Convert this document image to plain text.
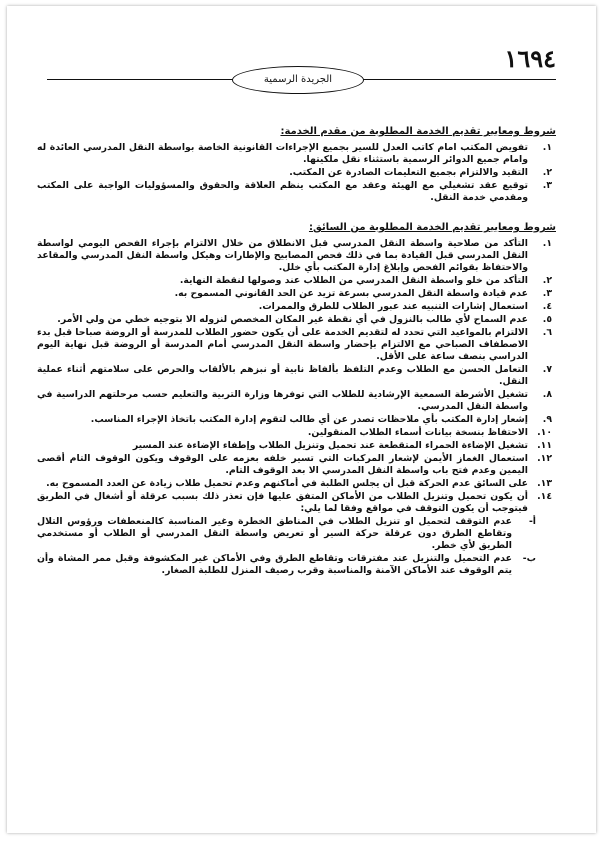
١٦٩٤
الجريدة الرسمية
شروط ومعايير تقديم الخدمة المطلوبة من مقدم الخدمة:
١.
تفويض المكتب امام كاتب العدل للسير بجميع الإجراءات القانونية الخاصة بواسطة النقل المدرسي العائدة له وامام جميع الدوائر الرسمية باستثناء نقل ملكيتها.
٢.
التقيد والالتزام بجميع التعليمات الصادرة عن المكتب.
٣.
توقيع عقد تشغيلي مع الهيئة وعقد مع المكتب ينظم العلاقة والحقوق والمسؤوليات الواجبة على المكتب ومقدمي خدمة النقل.
شروط ومعايير تقديم الخدمة المطلوبة من السائق:
١.
التأكد من صلاحية واسطة النقل المدرسي قبل الانطلاق من خلال الالتزام بإجراء الفحص اليومي لواسطة النقل المدرسي قبل القيادة بما في ذلك فحص المصابيح والإطارات وهيكل واسطة النقل المدرسي والمقاعد والاحتفاظ بقوائم الفحص وإبلاغ إدارة المكتب بأي خلل.
٢.
التأكد من خلو واسطة النقل المدرسي من الطلاب عند وصولها لنقطة النهاية.
٣.
عدم قيادة واسطة النقل المدرسي بسرعة تزيد عن الحد القانوني المسموح به.
٤.
استعمال إشارات التنبيه عند عبور الطلاب للطرق والممرات.
٥.
عدم السماح لأي طالب بالنزول في أي نقطة غير المكان المخصص لنزوله الا بتوجيه خطي من ولي الأمر.
٦.
الالتزام بالمواعيد التي تحدد له لتقديم الخدمة على أن يكون حضور الطلاب للمدرسة أو الروضة صباحا قبل بدء الاصطفاف الصباحي مع الالتزام بإحضار واسطة النقل المدرسي أمام المدرسة أو الروضة قبل نهاية اليوم الدراسي بنصف ساعة على الأقل.
٧.
التعامل الحسن مع الطلاب وعدم التلفظ بألفاظ نابية أو نبزهم بالألقاب والحرص على سلامتهم أثناء عملية النقل.
٨.
تشغيل الأشرطة السمعية الإرشادية للطلاب التي توفرها وزارة التربية والتعليم حسب مرحلتهم الدراسية في واسطة النقل المدرسي.
٩.
إشعار إدارة المكتب بأي ملاحظات تصدر عن أي طالب لتقوم إدارة المكتب باتخاذ الإجراء المناسب.
١٠.
الاحتفاظ بنسخة بيانات أسماء الطلاب المنقولين.
١١.
تشغيل الإضاءة الحمراء المتقطعة عند تحميل وتنزيل الطلاب وإطفاء الإضاءة عند المسير
١٢.
استعمال الغماز الأيمن لإشعار المركبات التي تسير خلفه بعزمه على الوقوف ويكون الوقوف التام أقصى اليمين وعدم فتح باب واسطة النقل المدرسي الا بعد الوقوف التام.
١٣.
على السائق عدم الحركة قبل أن يجلس الطلبة في أماكنهم وعدم تحميل طلاب زيادة عن العدد المسموح به.
١٤.
أن يكون تحميل وتنزيل الطلاب من الأماكن المتفق عليها فإن تعذر ذلك بسبب عرقلة أو أشغال في الطريق فيتوجب أن يكون التوقف في مواقع وفقا لما يلي:
أ-
عدم التوقف لتحميل او تنزيل الطلاب في المناطق الخطرة وغير المناسبة كالمنعطفات ورؤوس التلال وتقاطع الطرق دون عرقلة حركة السير أو تعريض واسطة النقل المدرسي أو الطلاب أو مستخدمي الطريق لأي خطر.
ب-
عدم التحميل والتنزيل عند مفترقات وتقاطع الطرق وفي الأماكن غير المكشوفة وقبل ممر المشاة وأن يتم الوقوف عند الأماكن الآمنة والمناسبة وقرب رصيف المنزل للطلبة الصغار.
